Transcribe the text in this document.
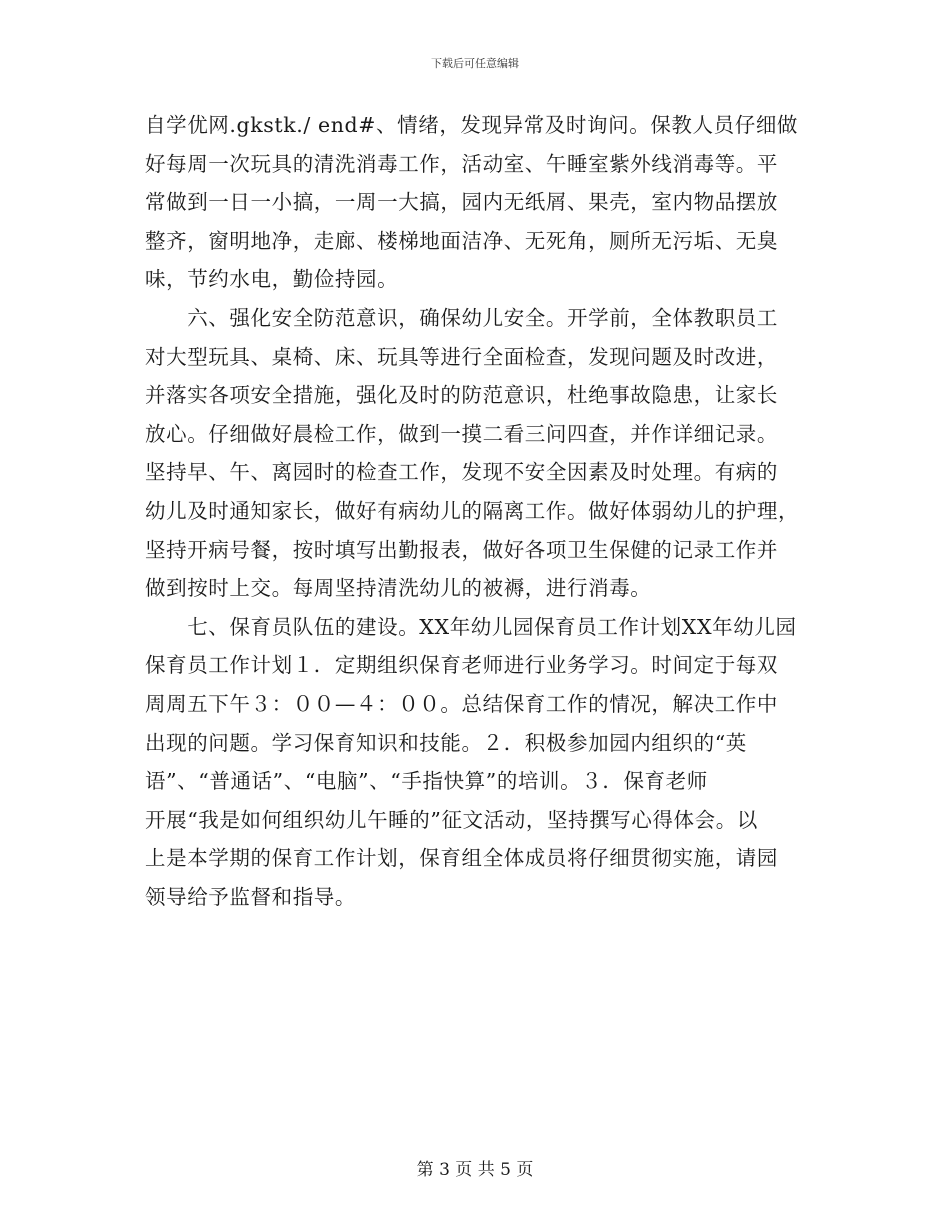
下载后可任意编辑
自学优网.gkstk./ end#、情绪，发现异常及时询问。保教人员仔细做
好每周一次玩具的清洗消毒工作，活动室、午睡室紫外线消毒等。平
常做到一日一小搞，一周一大搞，园内无纸屑、果壳，室内物品摆放
整齐，窗明地净，走廊、楼梯地面洁净、无死角，厕所无污垢、无臭
味，节约水电，勤俭持园。
　　六、强化安全防范意识，确保幼儿安全。开学前，全体教职员工
对大型玩具、桌椅、床、玩具等进行全面检查，发现问题及时改进，
并落实各项安全措施，强化及时的防范意识，杜绝事故隐患，让家长
放心。仔细做好晨检工作，做到一摸二看三问四查，并作详细记录。
坚持早、午、离园时的检查工作，发现不安全因素及时处理。有病的
幼儿及时通知家长，做好有病幼儿的隔离工作。做好体弱幼儿的护理，
坚持开病号餐，按时填写出勤报表，做好各项卫生保健的记录工作并
做到按时上交。每周坚持清洗幼儿的被褥，进行消毒。
　　七、保育员队伍的建设。XX年幼儿园保育员工作计划XX年幼儿园
保育员工作计划１．定期组织保育老师进行业务学习。时间定于每双
周周五下午３：００—４：００。总结保育工作的情况，解决工作中
出现的问题。学习保育知识和技能。２．积极参加园内组织的“英
语”、“普通话”、“电脑”、“手指快算”的培训。３．保育老师
开展“我是如何组织幼儿午睡的”征文活动，坚持撰写心得体会。以
上是本学期的保育工作计划，保育组全体成员将仔细贯彻实施，请园
领导给予监督和指导。
第 3 页 共 5 页
